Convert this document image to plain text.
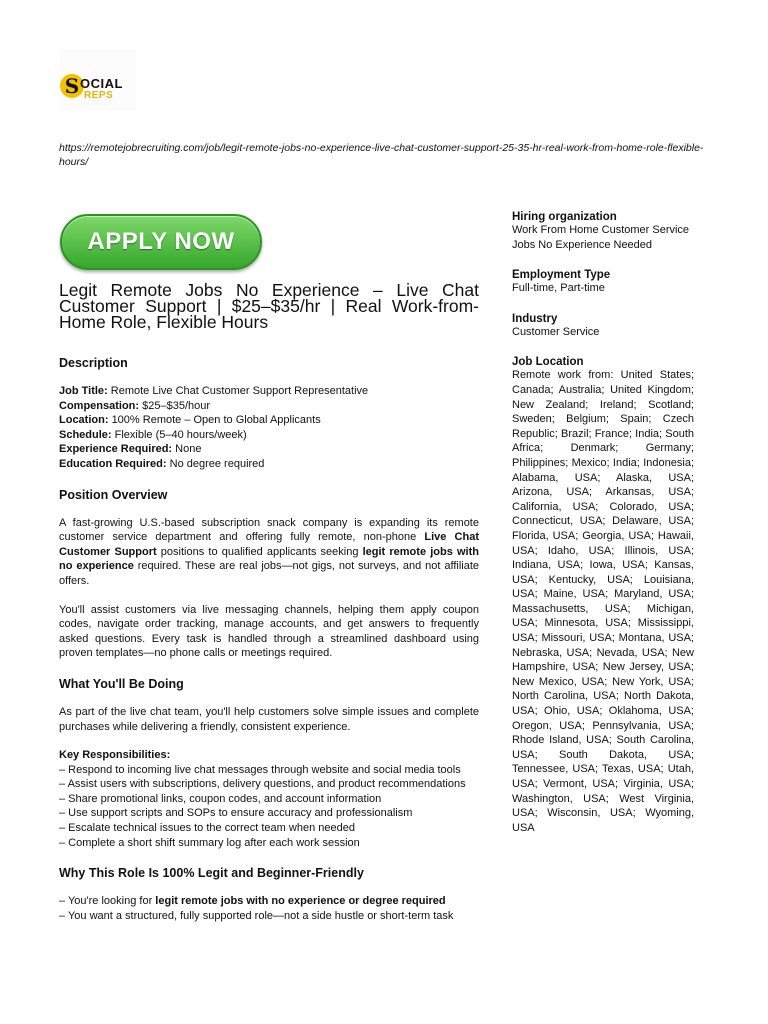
S OCIAL
REPS
https://remotejobrecruiting.com/job/legit-remote-jobs-no-experience-live-chat-customer-support-25-35-hr-real-work-from-home-role-flexible-hours/
APPLY NOW
Legit Remote Jobs No Experience – Live Chat Customer Support | $25–$35/hr | Real Work-from-Home Role, Flexible Hours

Description

Job Title: Remote Live Chat Customer Support Representative

Compensation: $25–$35/hour

Location: 100% Remote – Open to Global Applicants

Schedule: Flexible (5–40 hours/week)

Experience Required: None

Education Required: No degree required

Position Overview

A fast-growing U.S.-based subscription snack company is expanding its remote customer service department and offering fully remote, non-phone Live Chat Customer Support positions to qualified applicants seeking legit remote jobs with no experience required. These are real jobs—not gigs, not surveys, and not affiliate offers.

You'll assist customers via live messaging channels, helping them apply coupon codes, navigate order tracking, manage accounts, and get answers to frequently asked questions. Every task is handled through a streamlined dashboard using proven templates—no phone calls or meetings required.

What You'll Be Doing

As part of the live chat team, you'll help customers solve simple issues and complete purchases while delivering a friendly, consistent experience.

Key Responsibilities:

– Respond to incoming live chat messages through website and social media tools

– Assist users with subscriptions, delivery questions, and product recommendations

– Share promotional links, coupon codes, and account information

– Use support scripts and SOPs to ensure accuracy and professionalism

– Escalate technical issues to the correct team when needed

– Complete a short shift summary log after each work session

Why This Role Is 100% Legit and Beginner-Friendly

– You're looking for legit remote jobs with no experience or degree required

– You want a structured, fully supported role—not a side hustle or short-term task

Hiring organization

Work From Home Customer Service Jobs No Experience Needed

Employment Type

Full-time, Part-time

Industry

Customer Service

Job Location

Remote work from: United States; Canada; Australia; United Kingdom; New Zealand; Ireland; Scotland; Sweden; Belgium; Spain; Czech Republic; Brazil; France; India; South Africa; Denmark; Germany; Philippines; Mexico; India; Indonesia; Alabama, USA; Alaska, USA; Arizona, USA; Arkansas, USA; California, USA; Colorado, USA; Connecticut, USA; Delaware, USA; Florida, USA; Georgia, USA; Hawaii, USA; Idaho, USA; Illinois, USA; Indiana, USA; Iowa, USA; Kansas, USA; Kentucky, USA; Louisiana, USA; Maine, USA; Maryland, USA; Massachusetts, USA; Michigan, USA; Minnesota, USA; Mississippi, USA; Missouri, USA; Montana, USA; Nebraska, USA; Nevada, USA; New Hampshire, USA; New Jersey, USA; New Mexico, USA; New York, USA; North Carolina, USA; North Dakota, USA; Ohio, USA; Oklahoma, USA; Oregon, USA; Pennsylvania, USA; Rhode Island, USA; South Carolina, USA; South Dakota, USA; Tennessee, USA; Texas, USA; Utah, USA; Vermont, USA; Virginia, USA; Washington, USA; West Virginia, USA; Wisconsin, USA; Wyoming, USA
